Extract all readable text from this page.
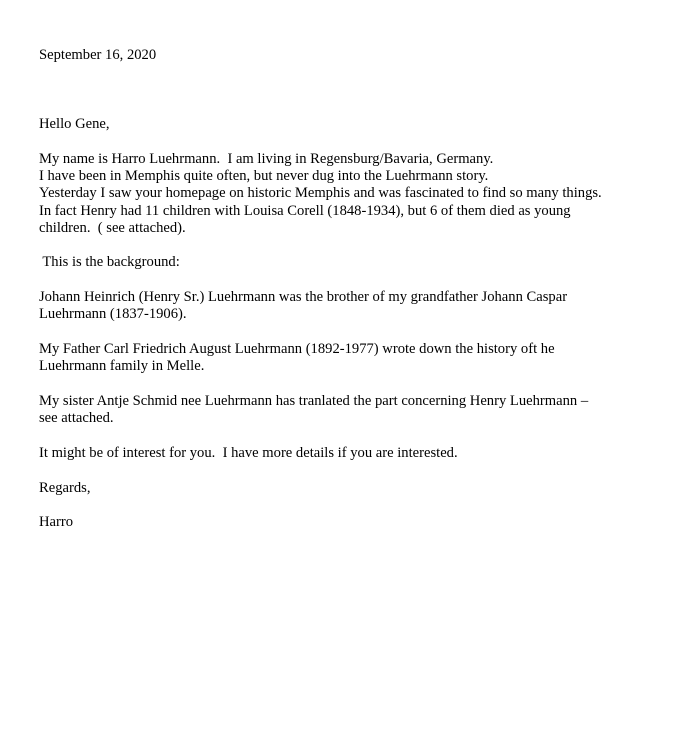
September 16, 2020
Hello Gene,
My name is Harro Luehrmann.  I am living in Regensburg/Bavaria, Germany.
I have been in Memphis quite often, but never dug into the Luehrmann story.
Yesterday I saw your homepage on historic Memphis and was fascinated to find so many things.
In fact Henry had 11 children with Louisa Corell (1848-1934), but 6 of them died as young
children.  ( see attached).
This is the background:
Johann Heinrich (Henry Sr.) Luehrmann was the brother of my grandfather Johann Caspar
Luehrmann (1837-1906).
My Father Carl Friedrich August Luehrmann (1892-1977) wrote down the history oft he
Luehrmann family in Melle.
My sister Antje Schmid nee Luehrmann has tranlated the part concerning Henry Luehrmann –
see attached.
It might be of interest for you.  I have more details if you are interested.
Regards,
Harro
